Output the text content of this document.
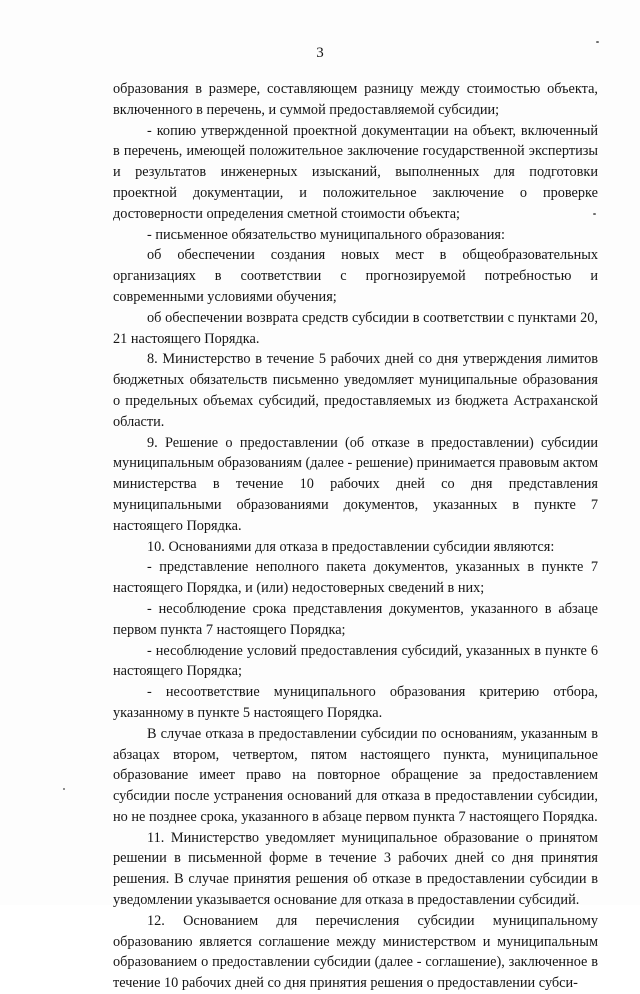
3

образования в размере, составляющем разницу между стоимостью объекта, включенного в перечень, и суммой предоставляемой субсидии;

- копию утвержденной проектной документации на объект, включенный в перечень, имеющей положительное заключение государственной экспертизы и результатов инженерных изысканий, выполненных для подготовки проектной документации, и положительное заключение о проверке достоверности определения сметной стоимости объекта;

- письменное обязательство муниципального образования:

об обеспечении создания новых мест в общеобразовательных организациях в соответствии с прогнозируемой потребностью и современными условиями обучения;

об обеспечении возврата средств субсидии в соответствии с пунктами 20, 21 настоящего Порядка.

8. Министерство в течение 5 рабочих дней со дня утверждения лимитов бюджетных обязательств письменно уведомляет муниципальные образования о предельных объемах субсидий, предоставляемых из бюджета Астраханской области.

9. Решение о предоставлении (об отказе в предоставлении) субсидии муниципальным образованиям (далее - решение) принимается правовым актом министерства в течение 10 рабочих дней со дня представления муниципальными образованиями документов, указанных в пункте 7 настоящего Порядка.

10. Основаниями для отказа в предоставлении субсидии являются:

- представление неполного пакета документов, указанных в пункте 7 настоящего Порядка, и (или) недостоверных сведений в них;

- несоблюдение срока представления документов, указанного в абзаце первом пункта 7 настоящего Порядка;

- несоблюдение условий предоставления субсидий, указанных в пункте 6 настоящего Порядка;

- несоответствие муниципального образования критерию отбора, указанному в пункте 5 настоящего Порядка.

В случае отказа в предоставлении субсидии по основаниям, указанным в абзацах втором, четвертом, пятом настоящего пункта, муниципальное образование имеет право на повторное обращение за предоставлением субсидии после устранения оснований для отказа в предоставлении субсидии, но не позднее срока, указанного в абзаце первом пункта 7 настоящего Порядка.

11. Министерство уведомляет муниципальное образование о принятом решении в письменной форме в течение 3 рабочих дней со дня принятия решения. В случае принятия решения об отказе в предоставлении субсидии в уведомлении указывается основание для отказа в предоставлении субсидий.

12. Основанием для перечисления субсидии муниципальному образованию является соглашение между министерством и муниципальным образованием о предоставлении субсидии (далее - соглашение), заключенное в течение 10 рабочих дней со дня принятия решения о предоставлении субси-
